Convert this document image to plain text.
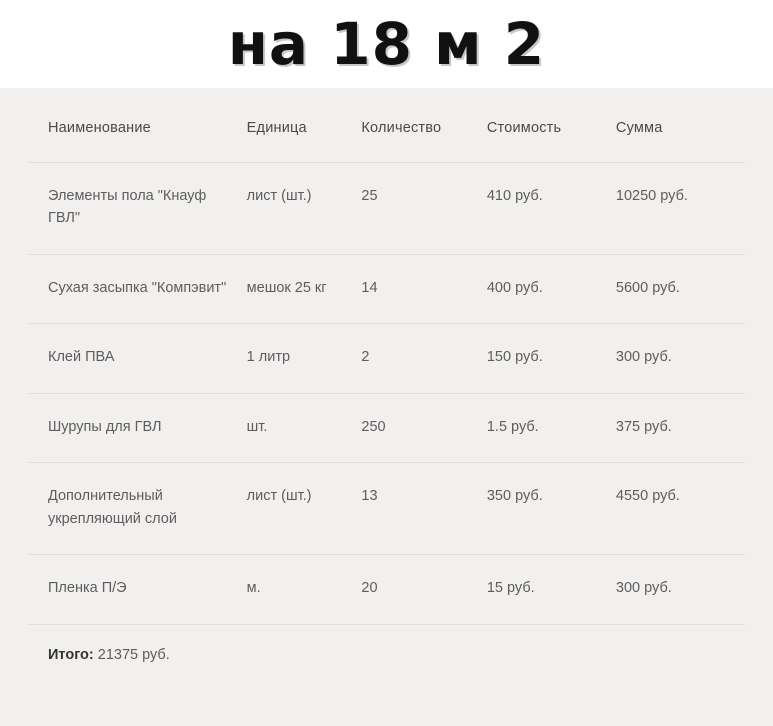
на 18 м 2
Наименование	Единица	Количество	Стоимость	Сумма
Элементы пола "Кнауф ГВЛ"	лист (шт.)	25	410 руб.	10250 руб.
Сухая засыпка "Компэвит"	мешок 25 кг	14	400 руб.	5600 руб.
Клей ПВА	1 литр	2	150 руб.	300 руб.
Шурупы для ГВЛ	шт.	250	1.5 руб.	375 руб.
Дополнительный укрепляющий слой	лист (шт.)	13	350 руб.	4550 руб.
Пленка П/Э	м.	20	15 руб.	300 руб.
Итого: 21375 руб.
